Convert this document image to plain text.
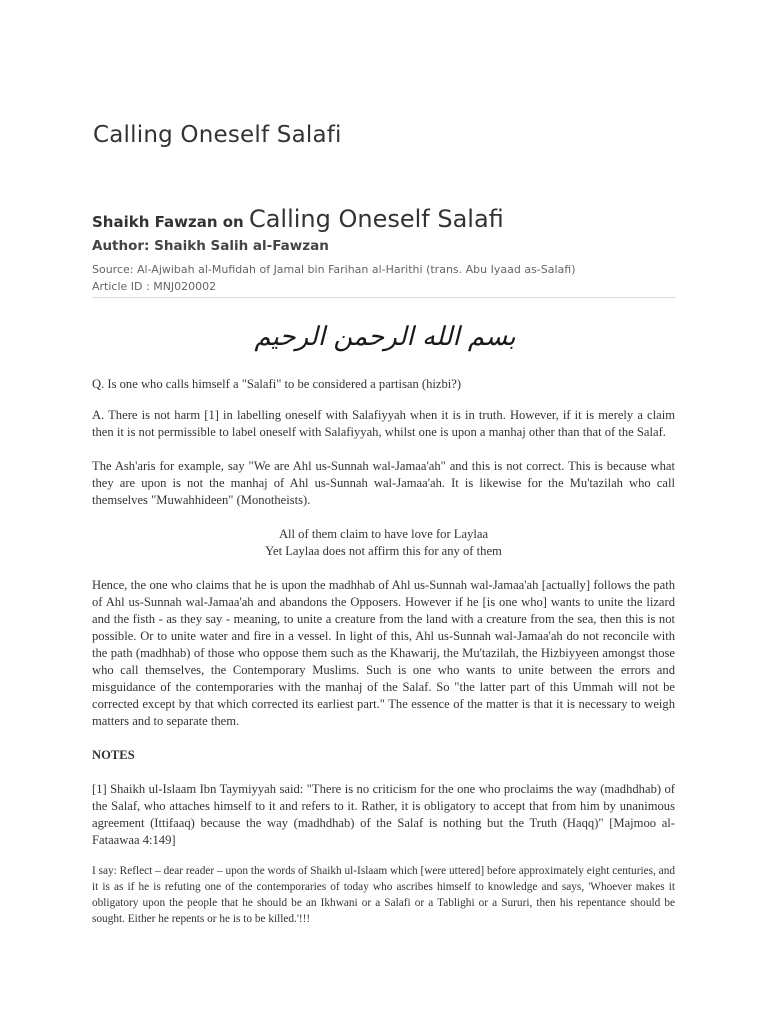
Calling Oneself Salafi
Shaikh Fawzan on Calling Oneself Salafi
Author: Shaikh Salih al-Fawzan
Source: Al-Ajwibah al-Mufidah of Jamal bin Farihan al-Harithi (trans. Abu Iyaad as-Salafi)
Article ID : MNJ020002
بسم الله الرحمن الرحيم

Q. Is one who calls himself a "Salafi" to be considered a partisan (hizbi?)

A. There is not harm [1] in labelling oneself with Salafiyyah when it is in truth. However, if it is merely a claim then it is not permissible to label oneself with Salafiyyah, whilst one is upon a manhaj other than that of the Salaf.

The Ash'aris for example, say "We are Ahl us-Sunnah wal-Jamaa'ah" and this is not correct. This is because what they are upon is not the manhaj of Ahl us-Sunnah wal-Jamaa'ah. It is likewise for the Mu'tazilah who call themselves "Muwahhideen" (Monotheists).

All of them claim to have love for Laylaa
Yet Laylaa does not affirm this for any of them

Hence, the one who claims that he is upon the madhhab of Ahl us-Sunnah wal-Jamaa'ah [actually] follows the path of Ahl us-Sunnah wal-Jamaa'ah and abandons the Opposers. However if he [is one who] wants to unite the lizard and the fisth - as they say - meaning, to unite a creature from the land with a creature from the sea, then this is not possible. Or to unite water and fire in a vessel. In light of this, Ahl us-Sunnah wal-Jamaa'ah do not reconcile with the path (madhhab) of those who oppose them such as the Khawarij, the Mu'tazilah, the Hizbiyyeen amongst those who call themselves, the Contemporary Muslims. Such is one who wants to unite between the errors and misguidance of the contemporaries with the manhaj of the Salaf. So "the latter part of this Ummah will not be corrected except by that which corrected its earliest part." The essence of the matter is that it is necessary to weigh matters and to separate them.

NOTES

[1] Shaikh ul-Islaam Ibn Taymiyyah said: "There is no criticism for the one who proclaims the way (madhdhab) of the Salaf, who attaches himself to it and refers to it. Rather, it is obligatory to accept that from him by unanimous agreement (Ittifaaq) because the way (madhdhab) of the Salaf is nothing but the Truth (Haqq)" [Majmoo al-Fataawaa 4:149]

I say: Reflect – dear reader – upon the words of Shaikh ul-Islaam which [were uttered] before approximately eight centuries, and it is as if he is refuting one of the contemporaries of today who ascribes himself to knowledge and says, 'Whoever makes it obligatory upon the people that he should be an Ikhwani or a Salafi or a Tablighi or a Sururi, then his repentance should be sought. Either he repents or he is to be killed.'!!!
